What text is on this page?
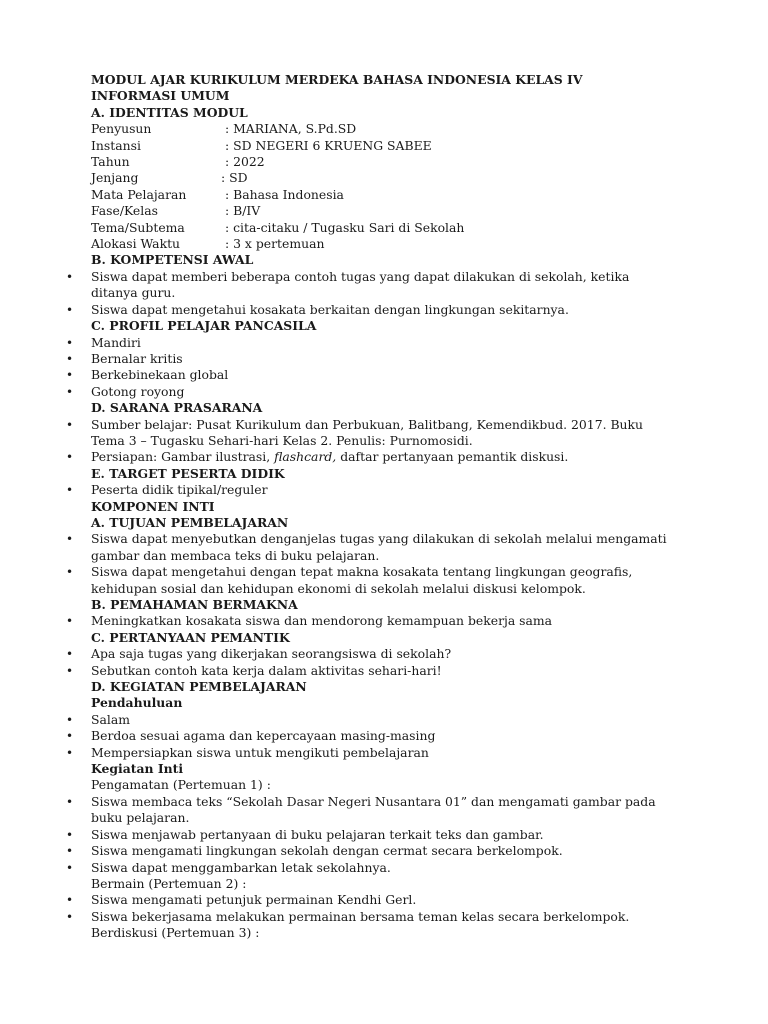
MODUL AJAR KURIKULUM MERDEKA BAHASA INDONESIA KELAS IV
INFORMASI UMUM
A. IDENTITAS MODUL
Penyusun	: MARIANA, S.Pd.SD
Instansi	: SD NEGERI 6 KRUENG SABEE
Tahun	: 2022
Jenjang	: SD
Mata Pelajaran	: Bahasa Indonesia
Fase/Kelas	: B/IV
Tema/Subtema	: cita-citaku / Tugasku Sari di Sekolah
Alokasi Waktu	: 3 x pertemuan
B. KOMPETENSI AWAL
• Siswa dapat memberi beberapa contoh tugas yang dapat dilakukan di sekolah, ketika
ditanya guru.
• Siswa dapat mengetahui kosakata berkaitan dengan lingkungan sekitarnya.
C. PROFIL PELAJAR PANCASILA
• Mandiri
• Bernalar kritis
• Berkebinekaan global
• Gotong royong
D. SARANA PRASARANA
• Sumber belajar: Pusat Kurikulum dan Perbukuan, Balitbang, Kemendikbud. 2017. Buku
Tema 3 – Tugasku Sehari-hari Kelas 2. Penulis: Purnomosidi.
• Persiapan: Gambar ilustrasi, flashcard, daftar pertanyaan pemantik diskusi.
E. TARGET PESERTA DIDIK
• Peserta didik tipikal/reguler
KOMPONEN INTI
A. TUJUAN PEMBELAJARAN
• Siswa dapat menyebutkan denganjelas tugas yang dilakukan di sekolah melalui mengamati
gambar dan membaca teks di buku pelajaran.
• Siswa dapat mengetahui dengan tepat makna kosakata tentang lingkungan geografis,
kehidupan sosial dan kehidupan ekonomi di sekolah melalui diskusi kelompok.
B. PEMAHAMAN BERMAKNA
• Meningkatkan kosakata siswa dan mendorong kemampuan bekerja sama
C. PERTANYAAN PEMANTIK
• Apa saja tugas yang dikerjakan seorangsiswa di sekolah?
• Sebutkan contoh kata kerja dalam aktivitas sehari-hari!
D. KEGIATAN PEMBELAJARAN
Pendahuluan
• Salam
• Berdoa sesuai agama dan kepercayaan masing-masing
• Mempersiapkan siswa untuk mengikuti pembelajaran
Kegiatan Inti
Pengamatan (Pertemuan 1) :
• Siswa membaca teks “Sekolah Dasar Negeri Nusantara 01” dan mengamati gambar pada
buku pelajaran.
• Siswa menjawab pertanyaan di buku pelajaran terkait teks dan gambar.
• Siswa mengamati lingkungan sekolah dengan cermat secara berkelompok.
• Siswa dapat menggambarkan letak sekolahnya.
Bermain (Pertemuan 2) :
• Siswa mengamati petunjuk permainan Kendhi Gerl.
• Siswa bekerjasama melakukan permainan bersama teman kelas secara berkelompok.
Berdiskusi (Pertemuan 3) :
